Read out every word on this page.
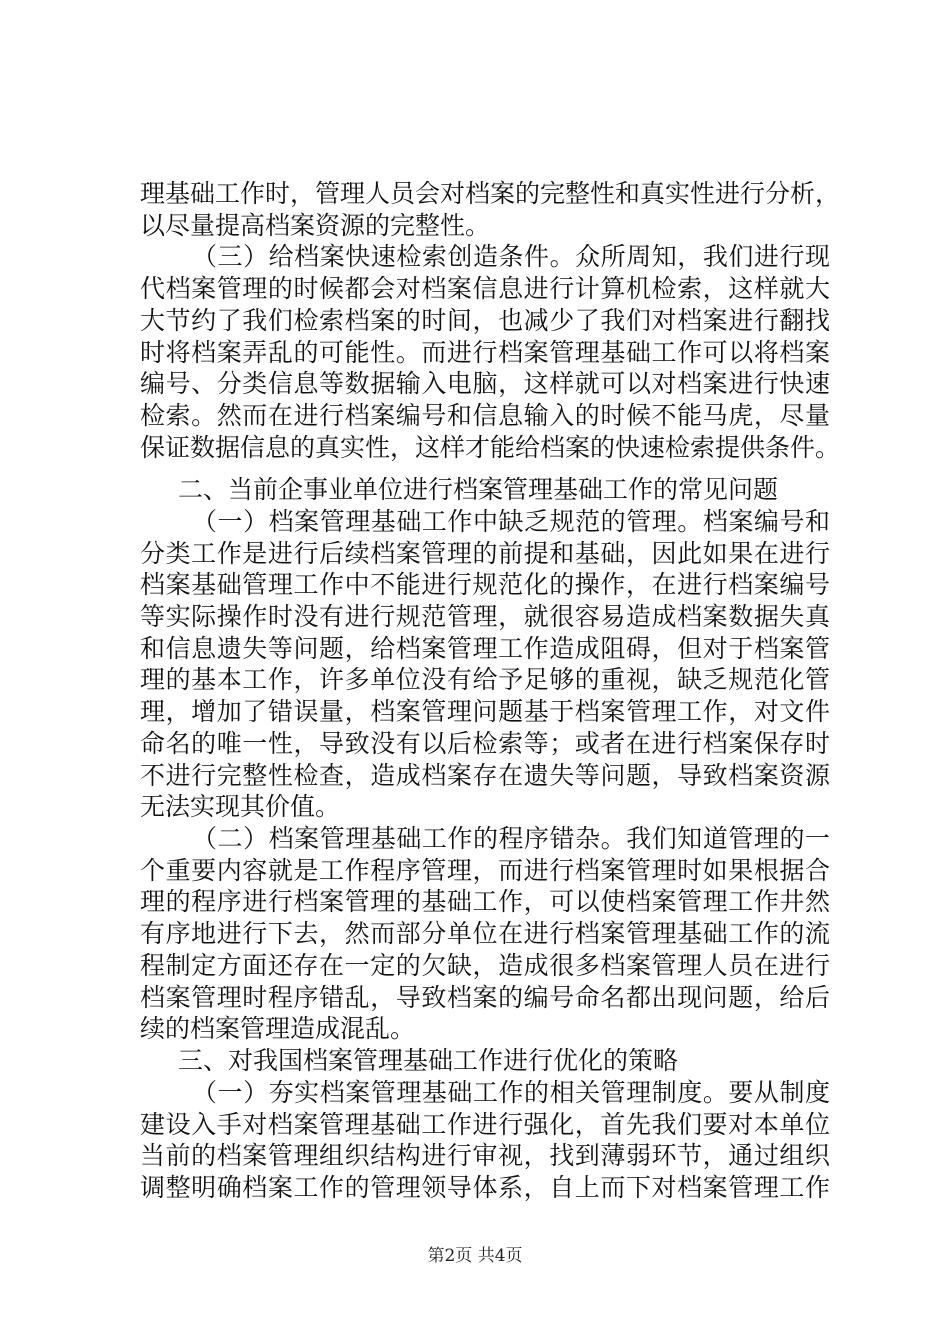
理基础工作时，管理人员会对档案的完整性和真实性进行分析，
以尽量提高档案资源的完整性。
（三）给档案快速检索创造条件。众所周知，我们进行现
代档案管理的时候都会对档案信息进行计算机检索，这样就大
大节约了我们检索档案的时间，也减少了我们对档案进行翻找
时将档案弄乱的可能性。而进行档案管理基础工作可以将档案
编号、分类信息等数据输入电脑，这样就可以对档案进行快速
检索。然而在进行档案编号和信息输入的时候不能马虎，尽量
保证数据信息的真实性，这样才能给档案的快速检索提供条件。
二、当前企事业单位进行档案管理基础工作的常见问题
（一）档案管理基础工作中缺乏规范的管理。档案编号和
分类工作是进行后续档案管理的前提和基础，因此如果在进行
档案基础管理工作中不能进行规范化的操作，在进行档案编号
等实际操作时没有进行规范管理，就很容易造成档案数据失真
和信息遗失等问题，给档案管理工作造成阻碍，但对于档案管
理的基本工作，许多单位没有给予足够的重视，缺乏规范化管
理，增加了错误量，档案管理问题基于档案管理工作，对文件
命名的唯一性，导致没有以后检索等；或者在进行档案保存时
不进行完整性检查，造成档案存在遗失等问题，导致档案资源
无法实现其价值。
（二）档案管理基础工作的程序错杂。我们知道管理的一
个重要内容就是工作程序管理，而进行档案管理时如果根据合
理的程序进行档案管理的基础工作，可以使档案管理工作井然
有序地进行下去，然而部分单位在进行档案管理基础工作的流
程制定方面还存在一定的欠缺，造成很多档案管理人员在进行
档案管理时程序错乱，导致档案的编号命名都出现问题，给后
续的档案管理造成混乱。
三、对我国档案管理基础工作进行优化的策略
（一）夯实档案管理基础工作的相关管理制度。要从制度
建设入手对档案管理基础工作进行强化，首先我们要对本单位
当前的档案管理组织结构进行审视，找到薄弱环节，通过组织
调整明确档案工作的管理领导体系，自上而下对档案管理工作
第2页 共4页
